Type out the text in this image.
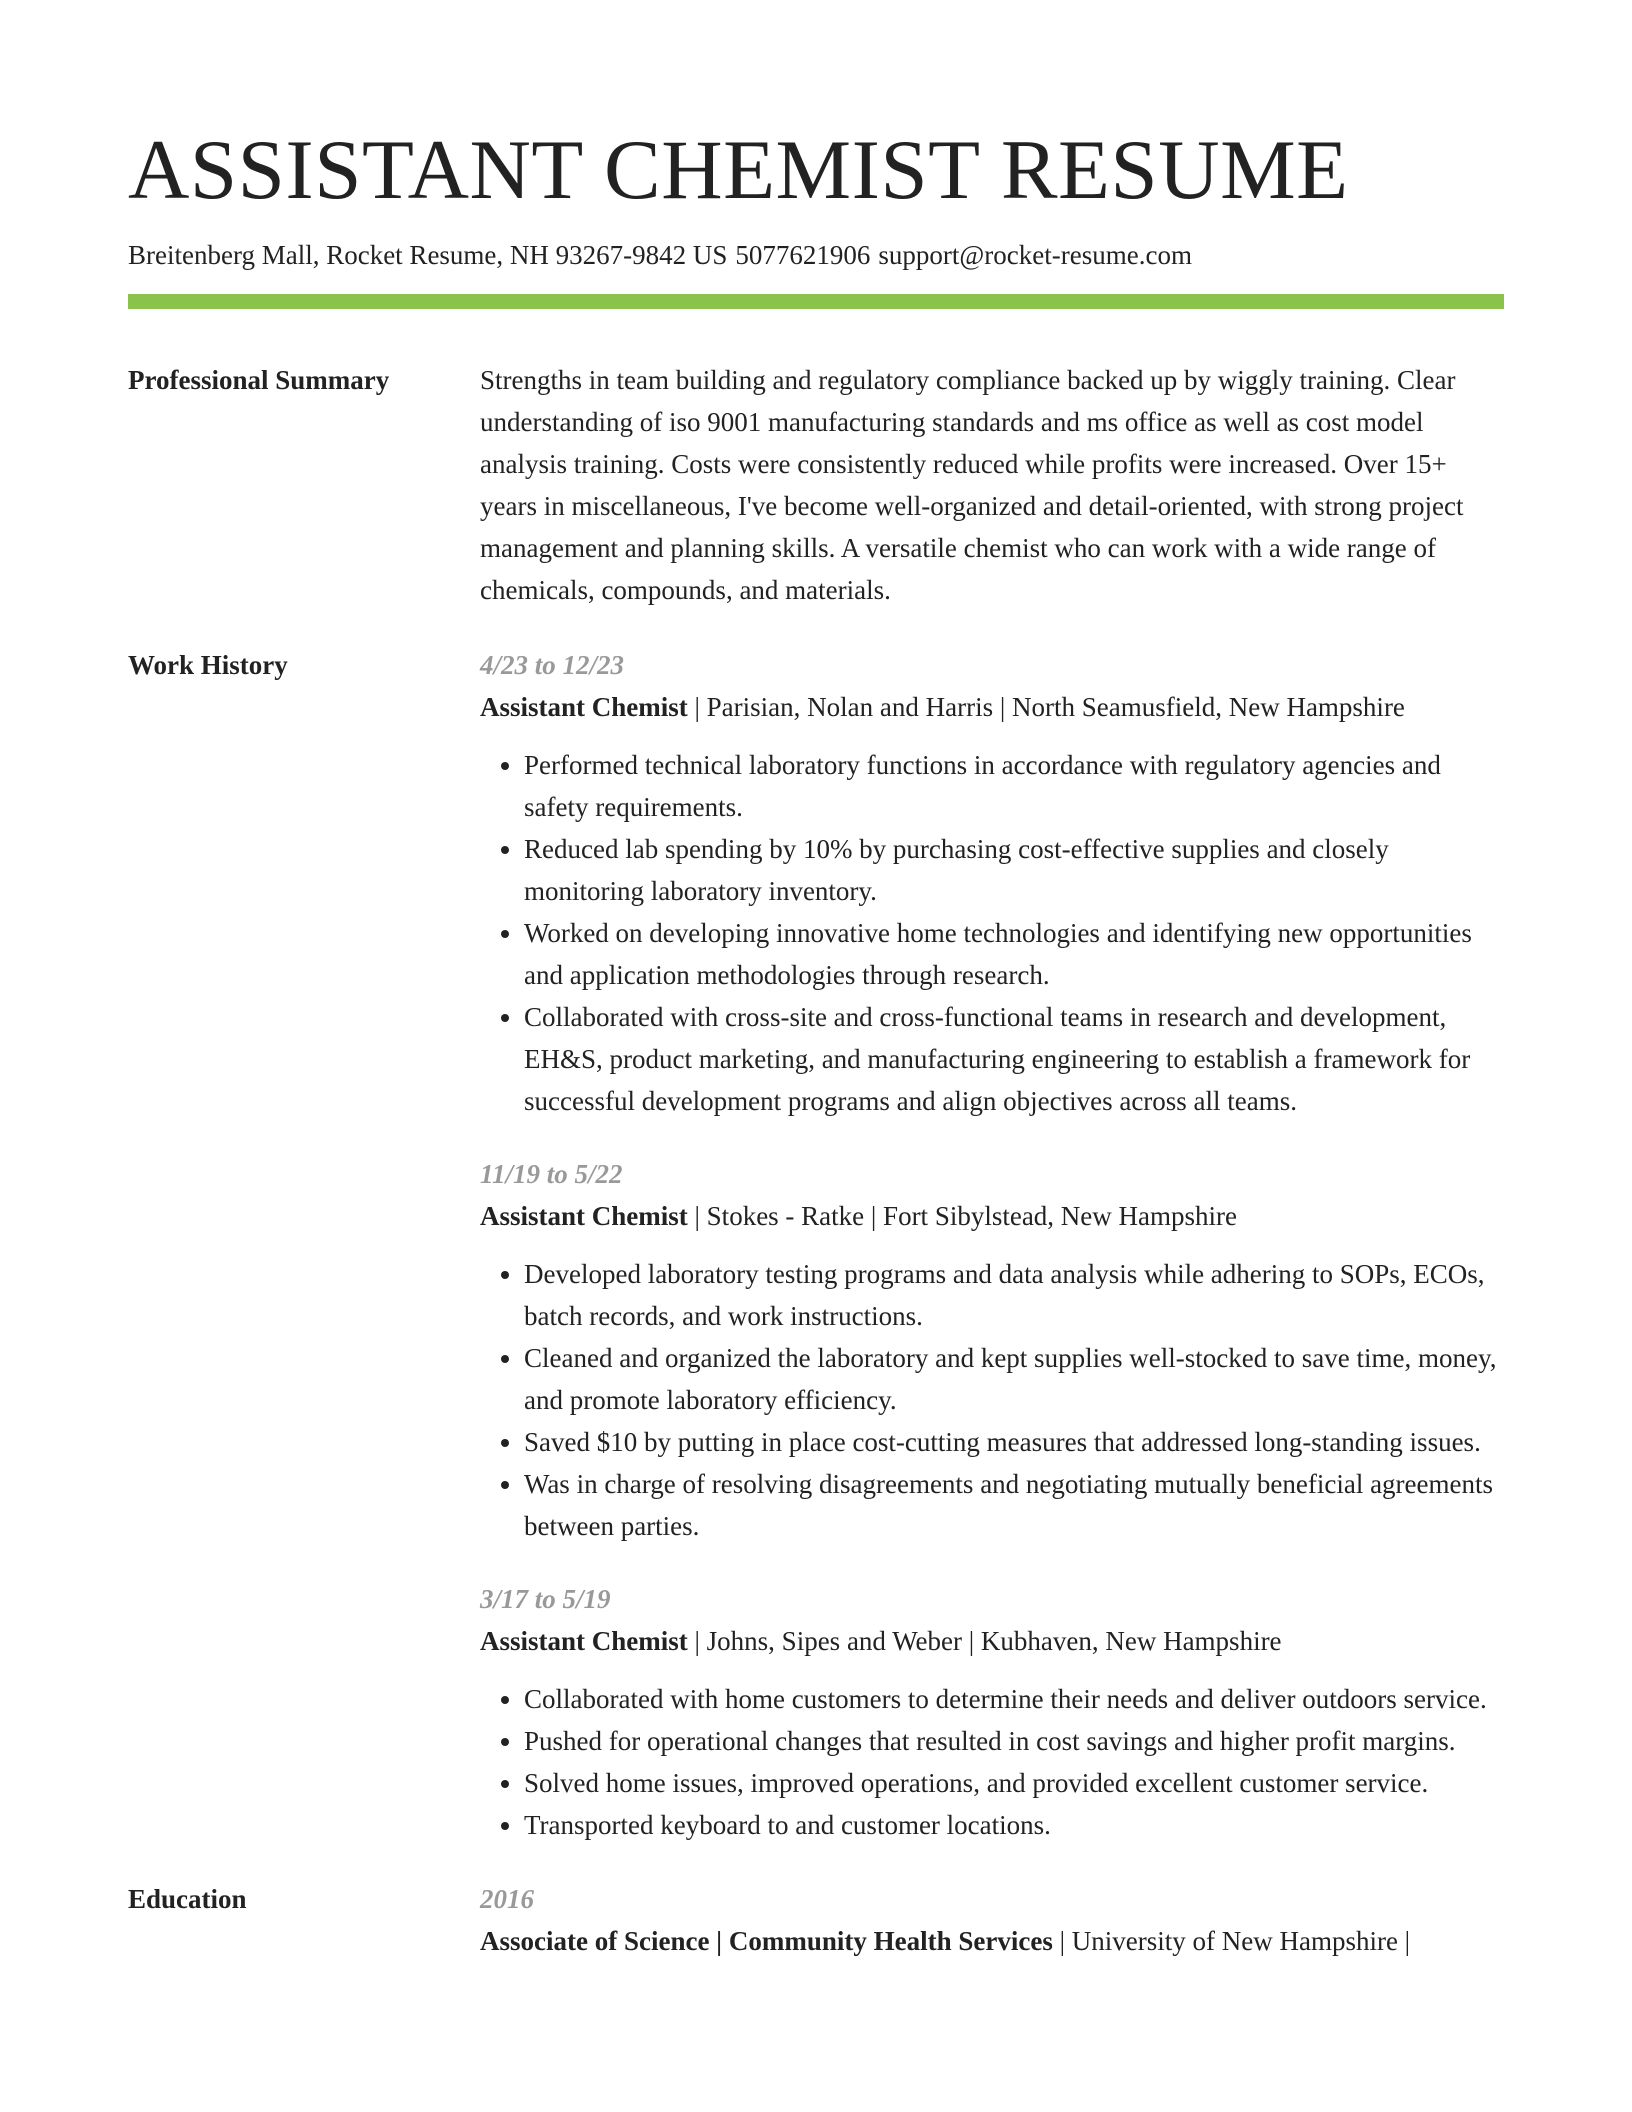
ASSISTANT CHEMIST RESUME
Breitenberg Mall, Rocket Resume, NH 93267-9842 US 5077621906 support@rocket-resume.com
Professional Summary	Strengths in team building and regulatory compliance backed up by wiggly training. Clear understanding of iso 9001 manufacturing standards and ms office as well as cost model analysis training. Costs were consistently reduced while profits were increased. Over 15+ years in miscellaneous, I've become well-organized and detail-oriented, with strong project management and planning skills. A versatile chemist who can work with a wide range of chemicals, compounds, and materials.

Work History	4/23 to 12/23
Assistant Chemist | Parisian, Nolan and Harris | North Seamusfield, New Hampshire
• Performed technical laboratory functions in accordance with regulatory agencies and safety requirements.
• Reduced lab spending by 10% by purchasing cost-effective supplies and closely monitoring laboratory inventory.
• Worked on developing innovative home technologies and identifying new opportunities and application methodologies through research.
• Collaborated with cross-site and cross-functional teams in research and development, EH&S, product marketing, and manufacturing engineering to establish a framework for successful development programs and align objectives across all teams.
11/19 to 5/22
Assistant Chemist | Stokes - Ratke | Fort Sibylstead, New Hampshire
• Developed laboratory testing programs and data analysis while adhering to SOPs, ECOs, batch records, and work instructions.
• Cleaned and organized the laboratory and kept supplies well-stocked to save time, money, and promote laboratory efficiency.
• Saved $10 by putting in place cost-cutting measures that addressed long-standing issues.
• Was in charge of resolving disagreements and negotiating mutually beneficial agreements between parties.
3/17 to 5/19
Assistant Chemist | Johns, Sipes and Weber | Kubhaven, New Hampshire
• Collaborated with home customers to determine their needs and deliver outdoors service.
• Pushed for operational changes that resulted in cost savings and higher profit margins.
• Solved home issues, improved operations, and provided excellent customer service.
• Transported keyboard to and customer locations.
Education	2016
Associate of Science | Community Health Services | University of New Hampshire |
